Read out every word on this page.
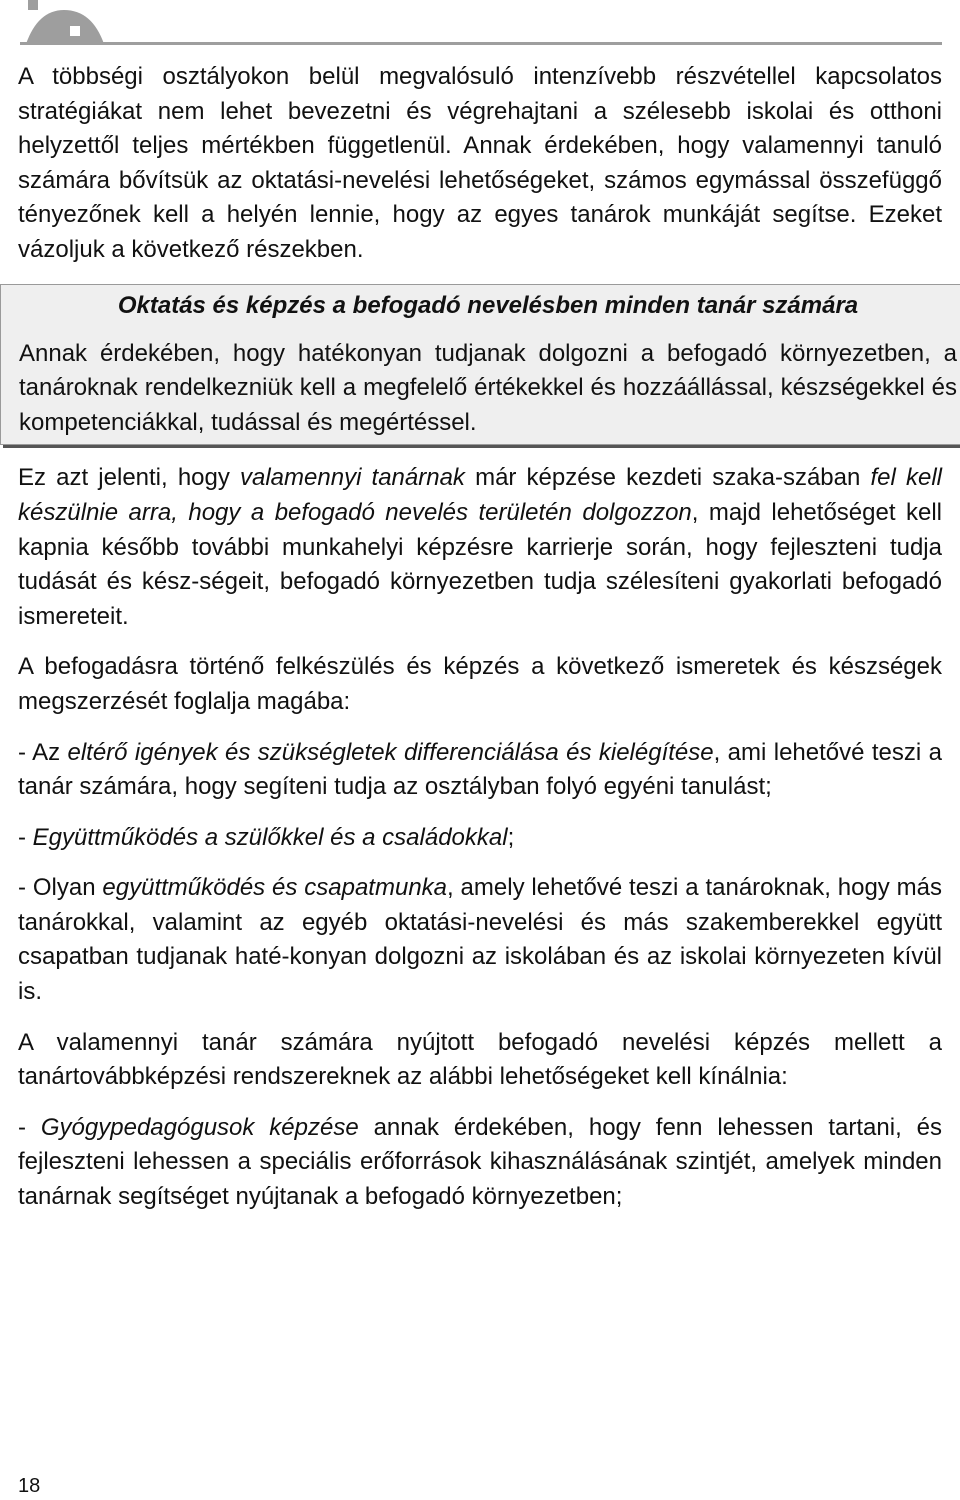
A többségi osztályokon belül megvalósuló intenzívebb részvétellel kapcsolatos stratégiákat nem lehet bevezetni és végrehajtani a szélesebb iskolai és otthoni helyzettől teljes mértékben függetlenül. Annak érdekében, hogy valamennyi tanuló számára bővítsük az oktatási-nevelési lehetőségeket, számos egymással összefüggő tényezőnek kell a helyén lennie, hogy az egyes tanárok munkáját segítse. Ezeket vázoljuk a következő részekben.

Oktatás és képzés a befogadó nevelésben minden tanár számára

Annak érdekében, hogy hatékonyan tudjanak dolgozni a befogadó környezetben, a tanároknak rendelkezniük kell a megfelelő értékekkel és hozzáállással, készségekkel és kompetenciákkal, tudással és megértéssel.

Ez azt jelenti, hogy valamennyi tanárnak már képzése kezdeti szaka-szában fel kell készülnie arra, hogy a befogadó nevelés területén dolgozzon, majd lehetőséget kell kapnia később további munkahelyi képzésre karrierje során, hogy fejleszteni tudja tudását és kész-ségeit, befogadó környezetben tudja szélesíteni gyakorlati befogadó ismereteit.

A befogadásra történő felkészülés és képzés a következő ismeretek és készségek megszerzését foglalja magába:

- Az eltérő igények és szükségletek differenciálása és kielégítése, ami lehetővé teszi a tanár számára, hogy segíteni tudja az osztályban folyó egyéni tanulást;

- Együttműködés a szülőkkel és a családokkal;

- Olyan együttműködés és csapatmunka, amely lehetővé teszi a tanároknak, hogy más tanárokkal, valamint az egyéb oktatási-nevelési és más szakemberekkel együtt csapatban tudjanak haté-konyan dolgozni az iskolában és az iskolai környezeten kívül is.

A valamennyi tanár számára nyújtott befogadó nevelési képzés mellett a tanártovábbképzési rendszereknek az alábbi lehetőségeket kell kínálnia:

- Gyógypedagógusok képzése annak érdekében, hogy fenn lehessen tartani, és fejleszteni lehessen a speciális erőforrások kihasználásának szintjét, amelyek minden tanárnak segítséget nyújtanak a befogadó környezetben;

18
